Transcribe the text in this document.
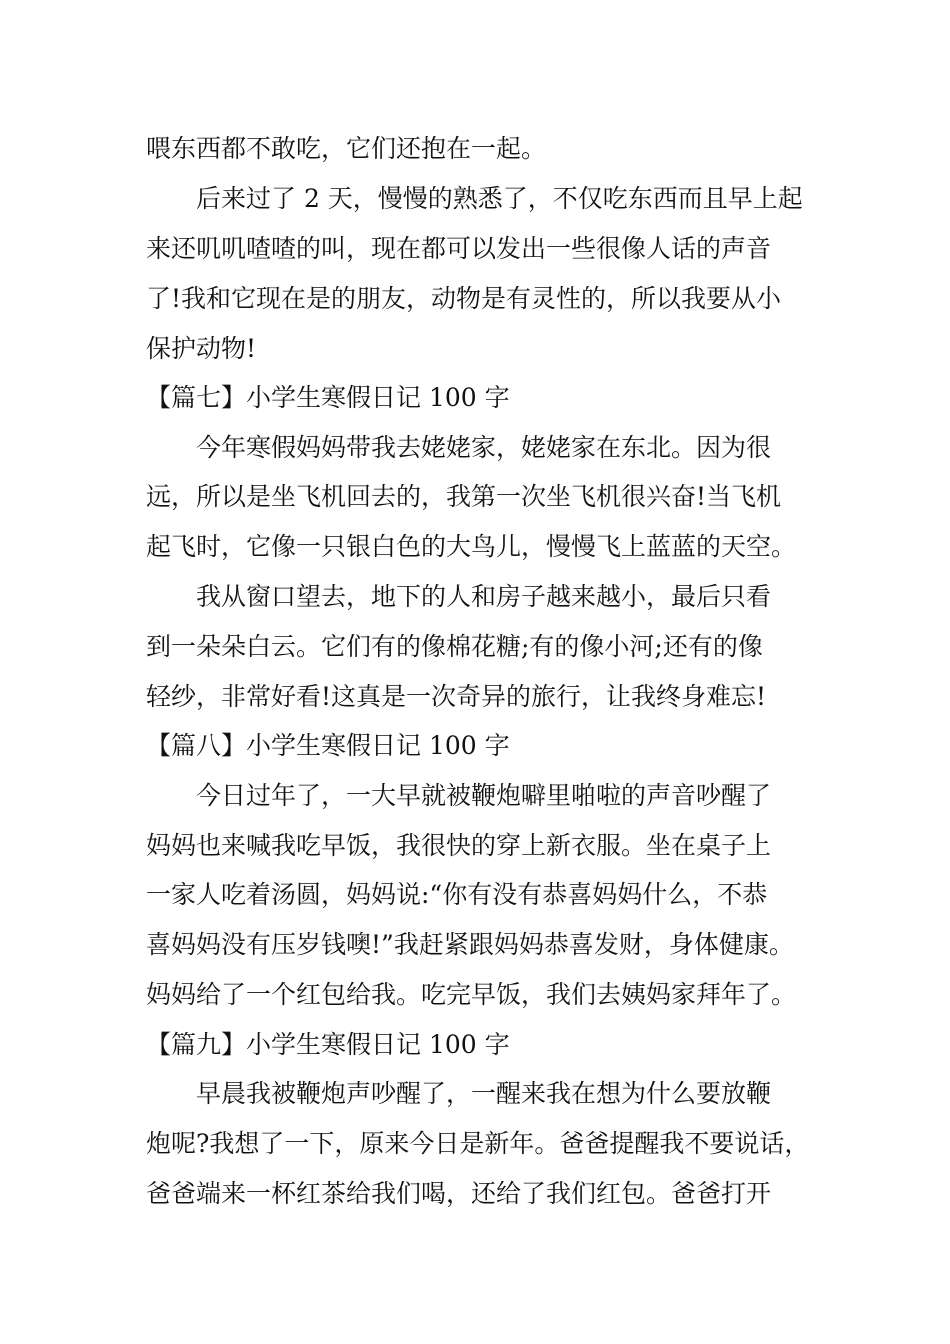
喂东西都不敢吃，它们还抱在一起。
后来过了 2 天，慢慢的熟悉了，不仅吃东西而且早上起
来还叽叽喳喳的叫，现在都可以发出一些很像人话的声音
了!我和它现在是的朋友，动物是有灵性的，所以我要从小
保护动物!
【篇七】小学生寒假日记 100 字
今年寒假妈妈带我去姥姥家，姥姥家在东北。因为很
远，所以是坐飞机回去的，我第一次坐飞机很兴奋!当飞机
起飞时，它像一只银白色的大鸟儿，慢慢飞上蓝蓝的天空。
我从窗口望去，地下的人和房子越来越小，最后只看
到一朵朵白云。它们有的像棉花糖;有的像小河;还有的像
轻纱，非常好看!这真是一次奇异的旅行，让我终身难忘!
【篇八】小学生寒假日记 100 字
今日过年了，一大早就被鞭炮噼里啪啦的声音吵醒了
妈妈也来喊我吃早饭，我很快的穿上新衣服。坐在桌子上
一家人吃着汤圆，妈妈说:“你有没有恭喜妈妈什么，不恭
喜妈妈没有压岁钱噢!”我赶紧跟妈妈恭喜发财，身体健康。
妈妈给了一个红包给我。吃完早饭，我们去姨妈家拜年了。
【篇九】小学生寒假日记 100 字
早晨我被鞭炮声吵醒了，一醒来我在想为什么要放鞭
炮呢?我想了一下，原来今日是新年。爸爸提醒我不要说话，
爸爸端来一杯红茶给我们喝，还给了我们红包。爸爸打开
